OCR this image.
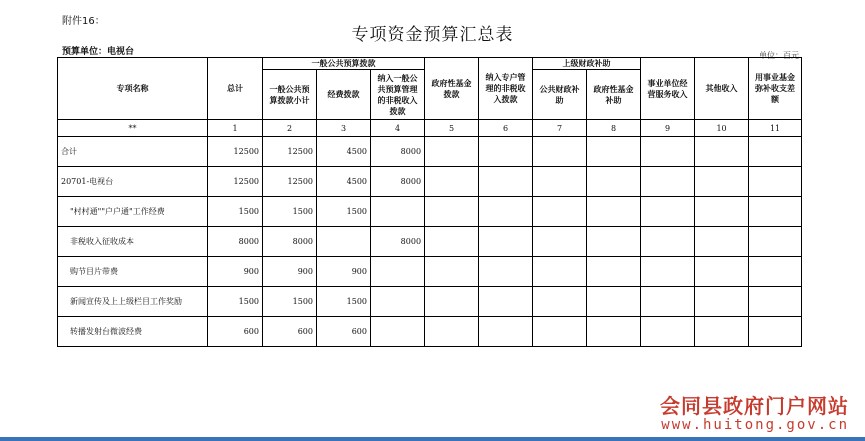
附件16：
专项资金预算汇总表
预算单位：电视台	单位：百元
专项名称	总计	一般公共预算拨款			政府性基金拨款	纳入专户管理的非税收入拨款	上级财政补助		事业单位经营服务收入	其他收入	用事业基金弥补收支差额
		一般公共预算拨款小计	经费拨款	纳入一般公共预算管理的非税收入拨款			公共财政补助	政府性基金补助			
**	1	2	3	4	5	6	7	8	9	10	11
合计	12500	12500	4500	8000							
20701-电视台	12500	12500	4500	8000							
"村村通""户户通"工作经费	1500	1500	1500								
非税收入征收成本	8000	8000		8000							
购节目片带费	900	900	900								
新闻宣传及上上级栏目工作奖励	1500	1500	1500								
转播发射台微波经费	600	600	600								
会同县政府门户网站
www.huitong.gov.cn
